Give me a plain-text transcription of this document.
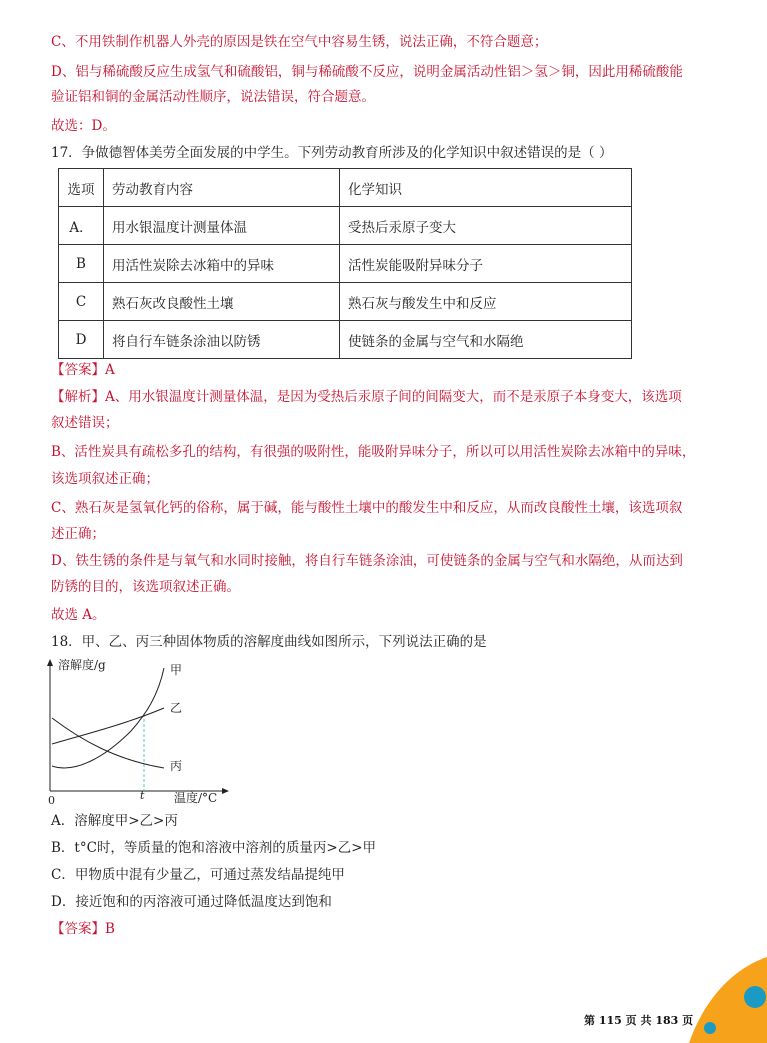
C、不用铁制作机器人外壳的原因是铁在空气中容易生锈，说法正确，不符合题意；
D、铝与稀硫酸反应生成氢气和硫酸铝，铜与稀硫酸不反应，说明金属活动性铝＞氢＞铜，因此用稀硫酸能
验证铝和铜的金属活动性顺序，说法错误，符合题意。
故选：D。
17．争做德智体美劳全面发展的中学生。下列劳动教育所涉及的化学知识中叙述错误的是（ ）
选项	劳动教育内容	化学知识
A．	用水银温度计测量体温	受热后汞原子变大
B	用活性炭除去冰箱中的异味	活性炭能吸附异味分子
C	熟石灰改良酸性土壤	熟石灰与酸发生中和反应
D	将自行车链条涂油以防锈	使链条的金属与空气和水隔绝
【答案】A
【解析】A、用水银温度计测量体温，是因为受热后汞原子间的间隔变大，而不是汞原子本身变大，该选项
叙述错误；
B、活性炭具有疏松多孔的结构，有很强的吸附性，能吸附异味分子，所以可以用活性炭除去冰箱中的异味，
该选项叙述正确；
C、熟石灰是氢氧化钙的俗称，属于碱，能与酸性土壤中的酸发生中和反应，从而改良酸性土壤，该选项叙
述正确；
D、铁生锈的条件是与氧气和水同时接触，将自行车链条涂油，可使链条的金属与空气和水隔绝，从而达到
防锈的目的，该选项叙述正确。
故选 A。
18．甲、乙、丙三种固体物质的溶解度曲线如图所示，下列说法正确的是
溶解度/g
温度/°C
0	t
甲
乙
丙
A．溶解度甲>乙>丙
B．t°C时，等质量的饱和溶液中溶剂的质量丙>乙>甲
C．甲物质中混有少量乙，可通过蒸发结晶提纯甲
D．接近饱和的丙溶液可通过降低温度达到饱和
【答案】B
第 115 页 共 183 页
